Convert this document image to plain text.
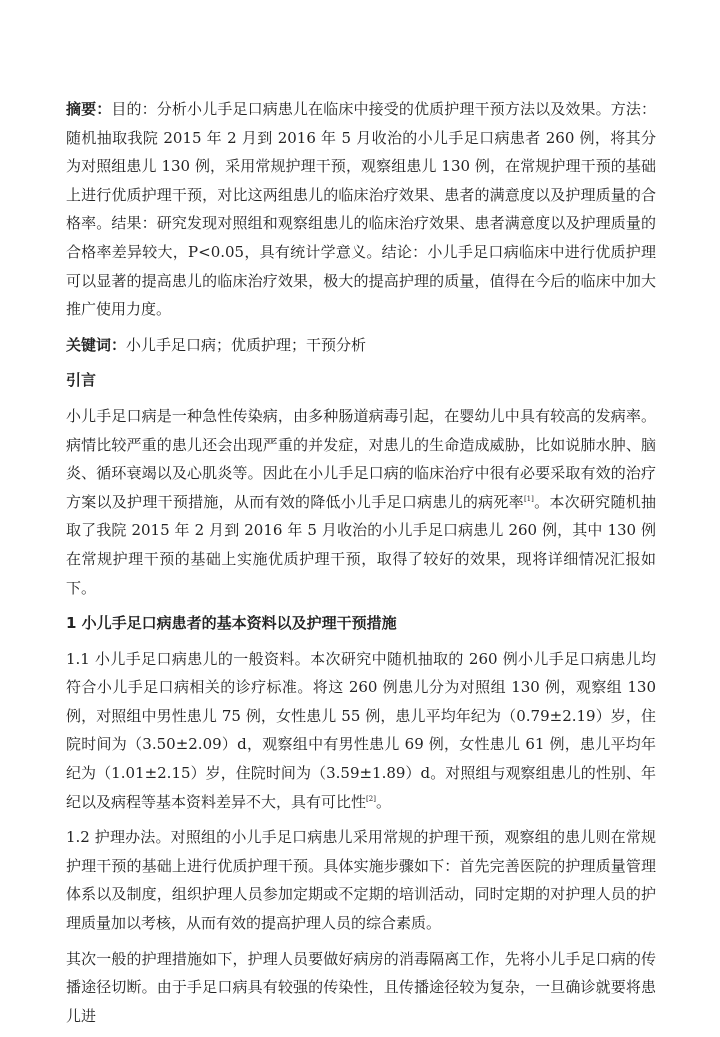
摘要：目的：分析小儿手足口病患儿在临床中接受的优质护理干预方法以及效果。方法：随机抽取我院 2015 年 2 月到 2016 年 5 月收治的小儿手足口病患者 260 例，将其分为对照组患儿 130 例，采用常规护理干预，观察组患儿 130 例，在常规护理干预的基础上进行优质护理干预，对比这两组患儿的临床治疗效果、患者的满意度以及护理质量的合格率。结果：研究发现对照组和观察组患儿的临床治疗效果、患者满意度以及护理质量的合格率差异较大，P<0.05，具有统计学意义。结论：小儿手足口病临床中进行优质护理可以显著的提高患儿的临床治疗效果，极大的提高护理的质量，值得在今后的临床中加大推广使用力度。

关键词：小儿手足口病；优质护理；干预分析

引言

小儿手足口病是一种急性传染病，由多种肠道病毒引起，在婴幼儿中具有较高的发病率。病情比较严重的患儿还会出现严重的并发症，对患儿的生命造成威胁，比如说肺水肿、脑炎、循环衰竭以及心肌炎等。因此在小儿手足口病的临床治疗中很有必要采取有效的治疗方案以及护理干预措施，从而有效的降低小儿手足口病患儿的病死率[1]。本次研究随机抽取了我院 2015 年 2 月到 2016 年 5 月收治的小儿手足口病患儿 260 例，其中 130 例在常规护理干预的基础上实施优质护理干预，取得了较好的效果，现将详细情况汇报如下。

1 小儿手足口病患者的基本资料以及护理干预措施

1.1 小儿手足口病患儿的一般资料。本次研究中随机抽取的 260 例小儿手足口病患儿均符合小儿手足口病相关的诊疗标准。将这 260 例患儿分为对照组 130 例，观察组 130 例，对照组中男性患儿 75 例，女性患儿 55 例，患儿平均年纪为（0.79±2.19）岁，住院时间为（3.50±2.09）d，观察组中有男性患儿 69 例，女性患儿 61 例，患儿平均年纪为（1.01±2.15）岁，住院时间为（3.59±1.89）d。对照组与观察组患儿的性别、年纪以及病程等基本资料差异不大，具有可比性[2]。

1.2 护理办法。对照组的小儿手足口病患儿采用常规的护理干预，观察组的患儿则在常规护理干预的基础上进行优质护理干预。具体实施步骤如下：首先完善医院的护理质量管理体系以及制度，组织护理人员参加定期或不定期的培训活动，同时定期的对护理人员的护理质量加以考核，从而有效的提高护理人员的综合素质。

其次一般的护理措施如下，护理人员要做好病房的消毒隔离工作，先将小儿手足口病的传播途径切断。由于手足口病具有较强的传染性，且传播途径较为复杂，一旦确诊就要将患儿进
